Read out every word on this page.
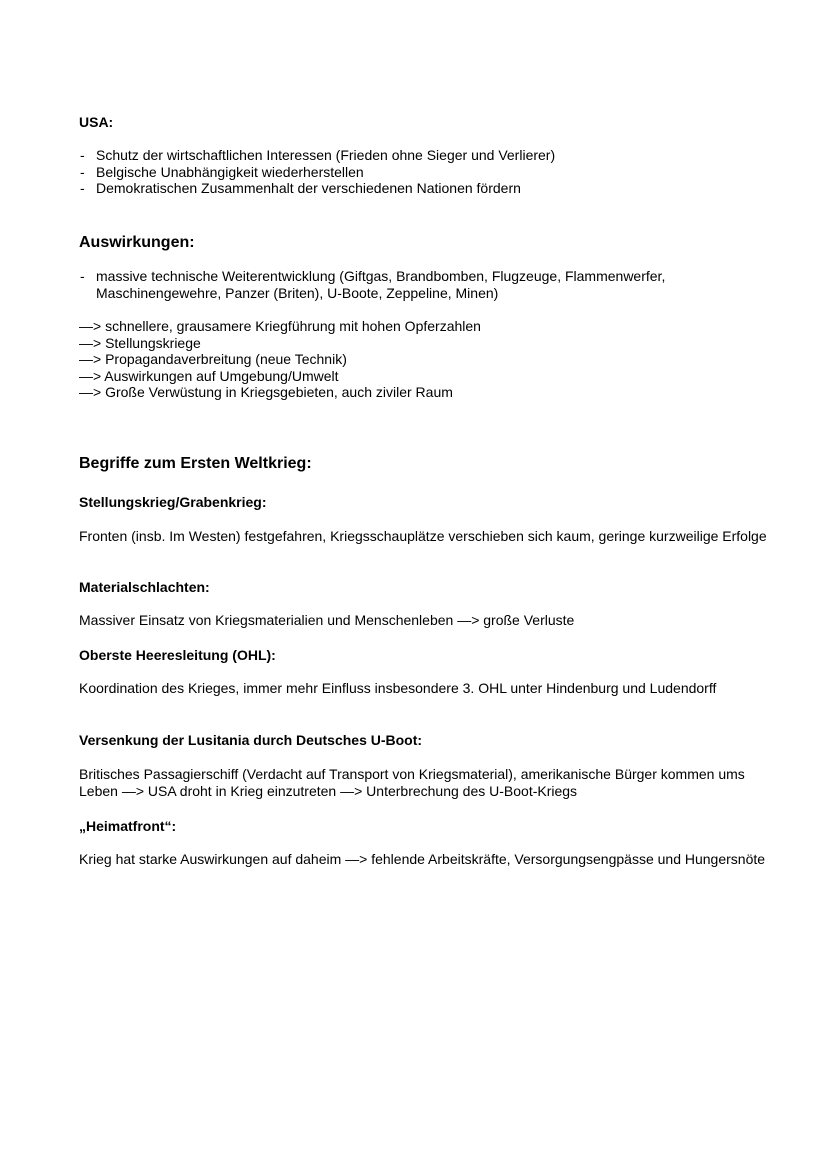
USA:
- Schutz der wirtschaftlichen Interessen (Frieden ohne Sieger und Verlierer)
- Belgische Unabhängigkeit wiederherstellen
- Demokratischen Zusammenhalt der verschiedenen Nationen fördern
Auswirkungen:
- massive technische Weiterentwicklung (Giftgas, Brandbomben, Flugzeuge, Flammenwerfer, Maschinengewehre, Panzer (Briten), U-Boote, Zeppeline, Minen)
—> schnellere, grausamere Kriegführung mit hohen Opferzahlen
—> Stellungskriege
—> Propagandaverbreitung (neue Technik)
—> Auswirkungen auf Umgebung/Umwelt
—> Große Verwüstung in Kriegsgebieten, auch ziviler Raum
Begriffe zum Ersten Weltkrieg:
Stellungskrieg/Grabenkrieg:

Fronten (insb. Im Westen) festgefahren, Kriegsschauplätze verschieben sich kaum, geringe kurzweilige Erfolge

Materialschlachten:

Massiver Einsatz von Kriegsmaterialien und Menschenleben —> große Verluste

Oberste Heeresleitung (OHL):

Koordination des Krieges, immer mehr Einfluss insbesondere 3. OHL unter Hindenburg und Ludendorff

Versenkung der Lusitania durch Deutsches U-Boot:

Britisches Passagierschiff (Verdacht auf Transport von Kriegsmaterial), amerikanische Bürger kommen ums Leben —> USA droht in Krieg einzutreten —> Unterbrechung des U-Boot-Kriegs

„Heimatfront“:

Krieg hat starke Auswirkungen auf daheim —> fehlende Arbeitskräfte, Versorgungsengpässe und Hungersnöte
